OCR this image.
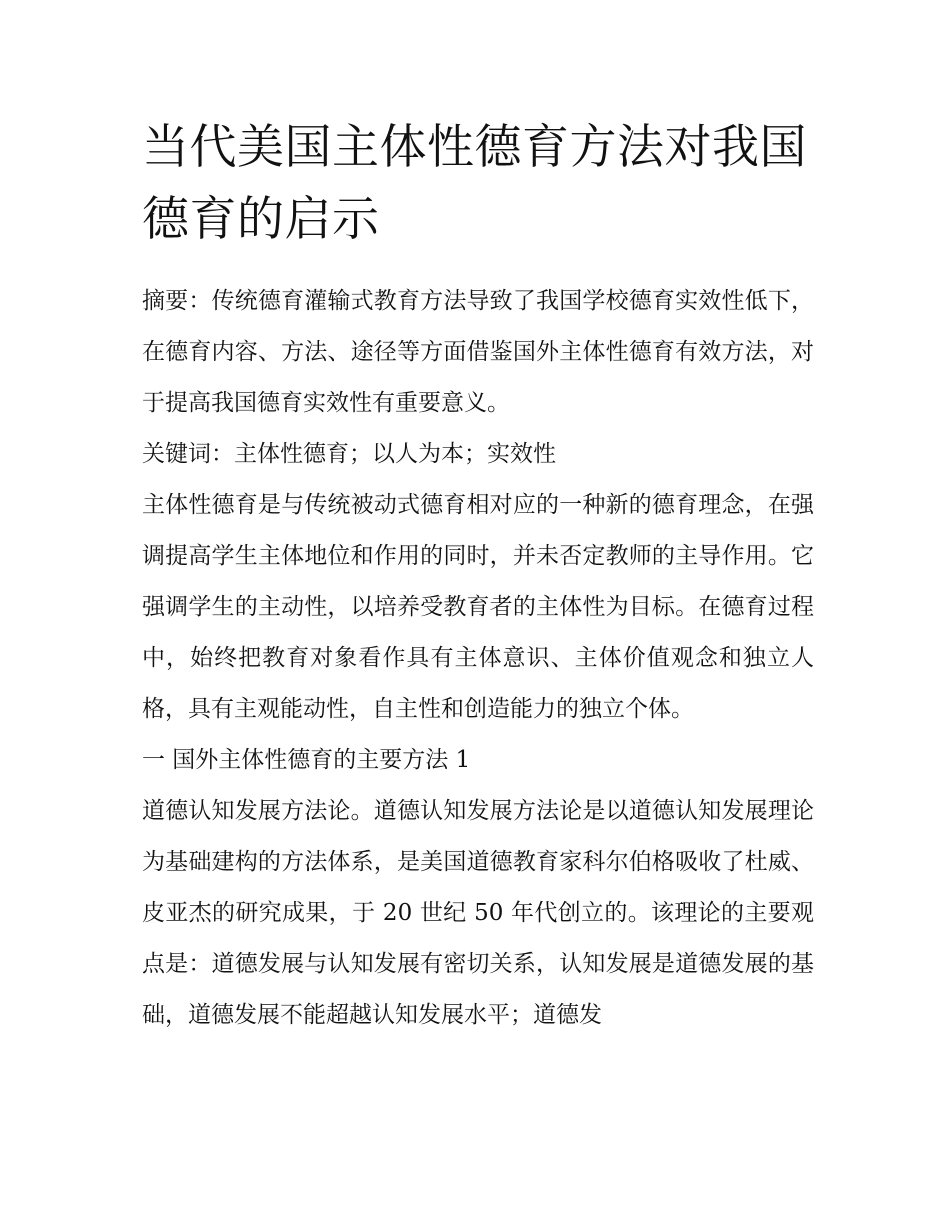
当代美国主体性德育方法对我国德育的启示

摘要：传统德育灌输式教育方法导致了我国学校德育实效性低下，在德育内容、方法、途径等方面借鉴国外主体性德育有效方法，对于提高我国德育实效性有重要意义。

关键词：主体性德育；以人为本；实效性

主体性德育是与传统被动式德育相对应的一种新的德育理念，在强调提高学生主体地位和作用的同时，并未否定教师的主导作用。它强调学生的主动性，以培养受教育者的主体性为目标。在德育过程中，始终把教育对象看作具有主体意识、主体价值观念和独立人格，具有主观能动性，自主性和创造能力的独立个体。

一 国外主体性德育的主要方法 1

道德认知发展方法论。道德认知发展方法论是以道德认知发展理论为基础建构的方法体系，是美国道德教育家科尔伯格吸收了杜威、皮亚杰的研究成果，于 20 世纪 50 年代创立的。该理论的主要观点是：道德发展与认知发展有密切关系，认知发展是道德发展的基础，道德发展不能超越认知发展水平；道德发
